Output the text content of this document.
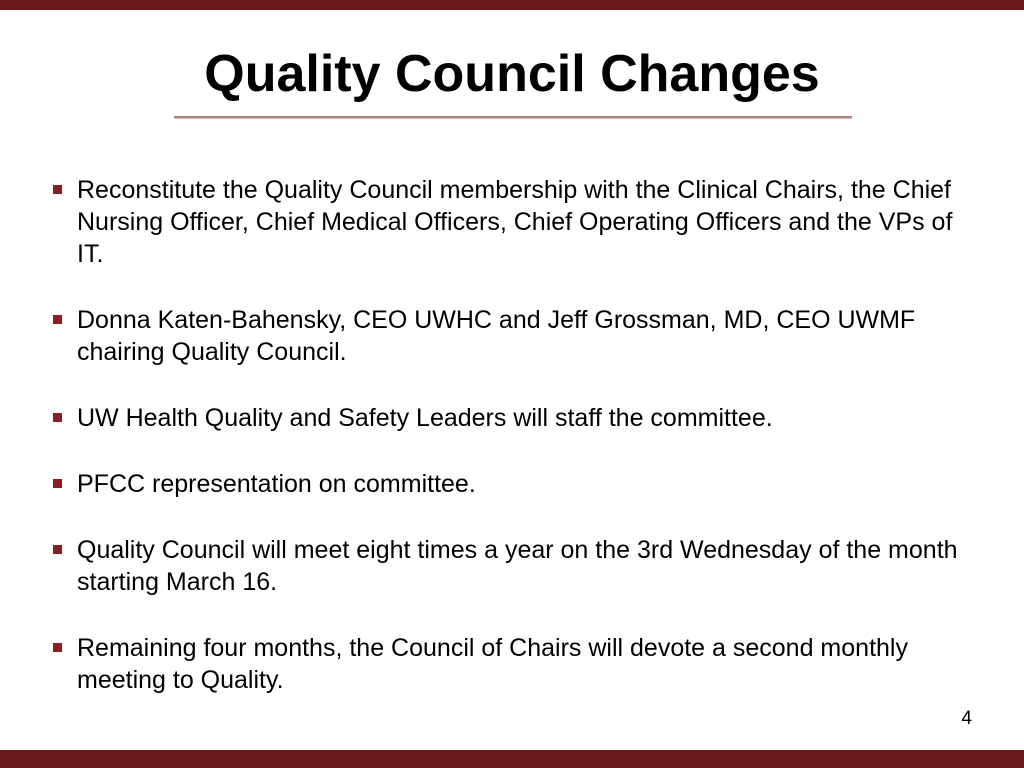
Quality Council Changes
Reconstitute the Quality Council membership with the Clinical Chairs, the Chief Nursing Officer, Chief Medical Officers, Chief Operating Officers and the VPs of IT.
Donna Katen-Bahensky, CEO UWHC and Jeff Grossman, MD, CEO UWMF chairing Quality Council.
UW Health Quality and Safety Leaders will staff the committee.
PFCC representation on committee.
Quality Council will meet eight times a year on the 3rd Wednesday of the month starting March 16.
Remaining four months, the Council of Chairs will devote a second monthly meeting to Quality.
4
